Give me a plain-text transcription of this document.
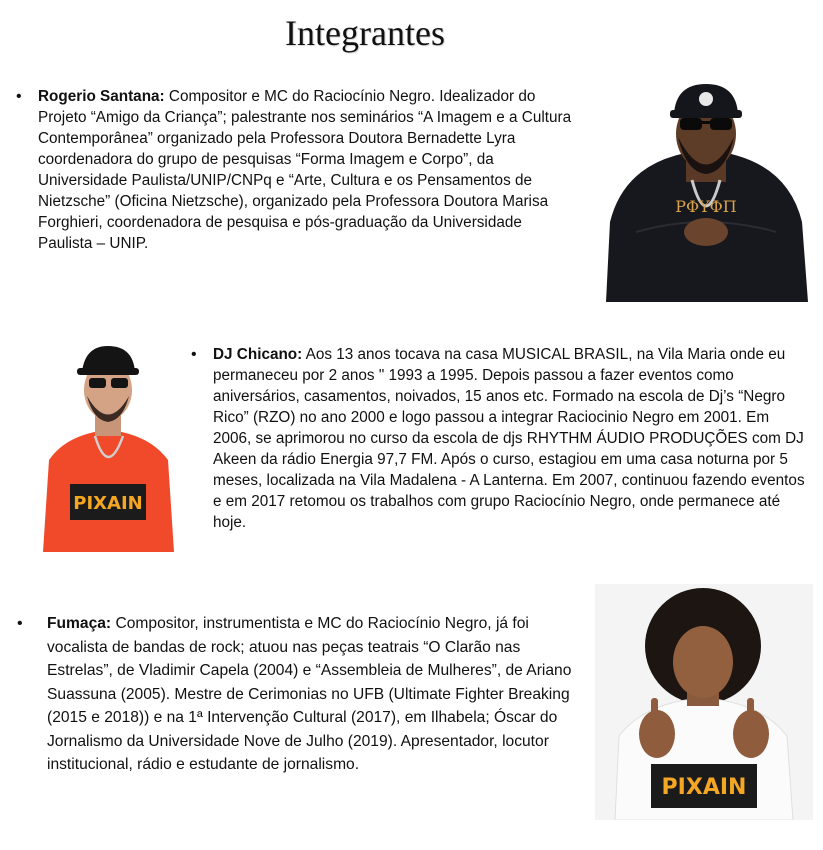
Integrantes
• Rogerio Santana: Compositor e MC do Raciocínio Negro. Idealizador do Projeto “Amigo da Criança”; palestrante nos seminários “A Imagem e a Cultura Contemporânea” organizado pela Professora Doutora Bernadette Lyra coordenadora do grupo de pesquisas “Forma Imagem e Corpo”, da Universidade Paulista/UNIP/CNPq e “Arte, Cultura e os Pensamentos de Nietzsche” (Oficina Nietzsche), organizado pela Professora Doutora Marisa Forghieri, coordenadora de pesquisa e pós-graduação da Universidade Paulista – UNIP.
PΦYΦΠ
PIXAIN
• DJ Chicano: Aos 13 anos tocava na casa MUSICAL BRASIL, na Vila Maria onde eu permaneceu por 2 anos " 1993 a 1995. Depois passou a fazer eventos como aniversários, casamentos, noivados, 15 anos etc. Formado na escola de Dj’s “Negro Rico” (RZO) no ano 2000 e logo passou a integrar Raciocinio Negro em 2001. Em 2006, se aprimorou no curso da escola de djs RHYTHM ÁUDIO PRODUÇÕES com DJ Akeen da rádio Energia 97,7 FM. Após o curso, estagiou em uma casa noturna por 5 meses, localizada na Vila Madalena - A Lanterna. Em 2007, continuou fazendo eventos e em 2017 retomou os trabalhos com grupo Raciocínio Negro, onde permanece até hoje.
• Fumaça: Compositor, instrumentista e MC do Raciocínio Negro, já foi vocalista de bandas de rock; atuou nas peças teatrais “O Clarão nas Estrelas”, de Vladimir Capela (2004) e “Assembleia de Mulheres”, de Ariano Suassuna (2005). Mestre de Cerimonias no UFB (Ultimate Fighter Breaking (2015 e 2018)) e na 1ª Intervenção Cultural (2017), em Ilhabela; Óscar do Jornalismo da Universidade Nove de Julho (2019). Apresentador, locutor institucional, rádio e estudante de jornalismo.
PIXAIN
